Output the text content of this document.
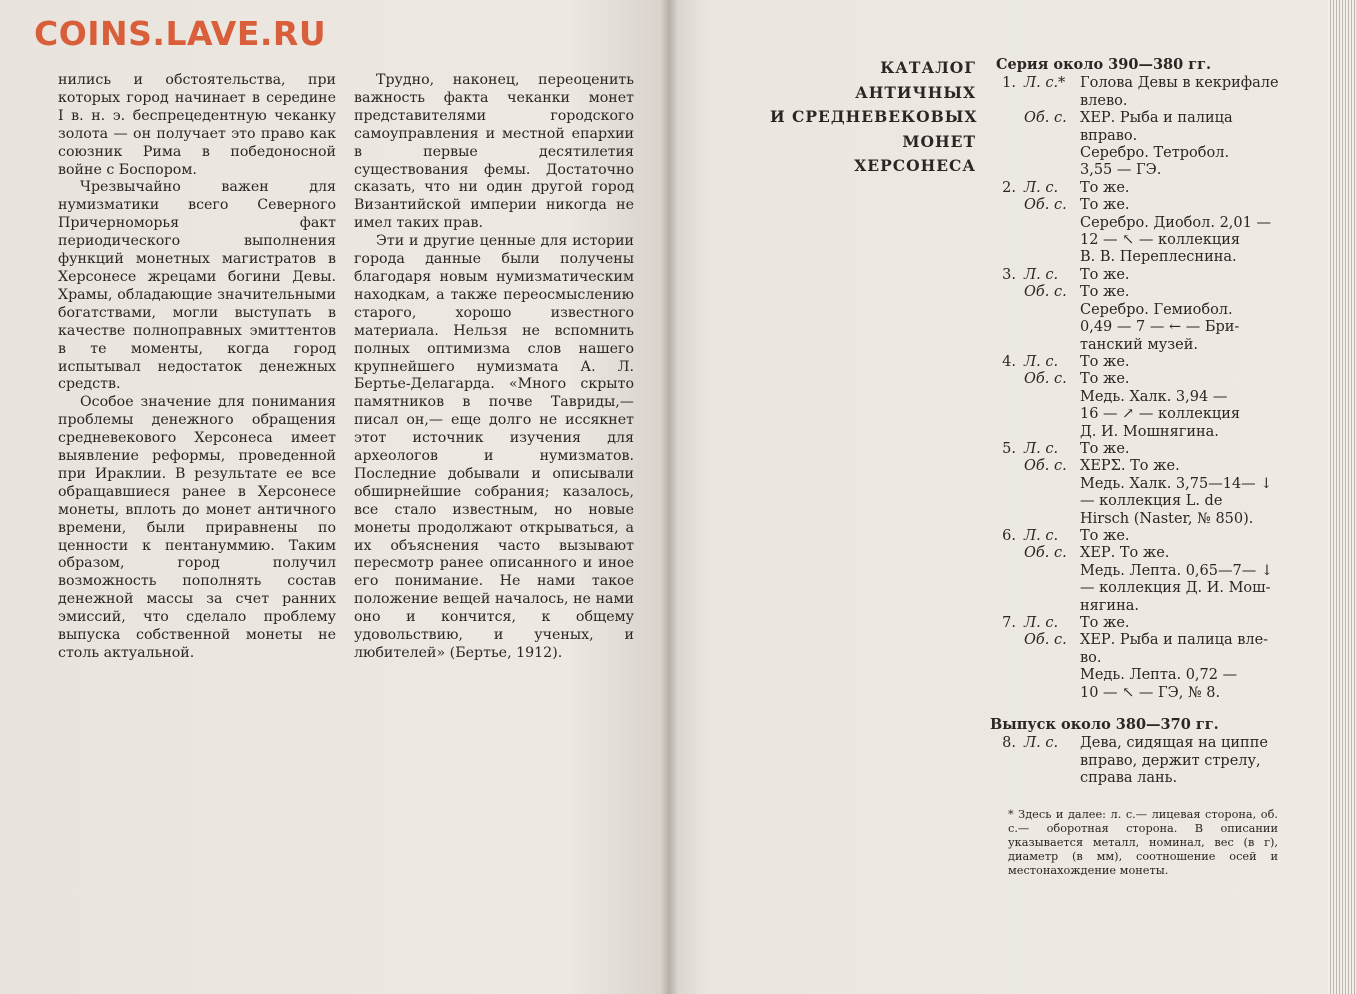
COINS.LAVE.RU

нились и обстоятельства, при которых город начинает в середине I в. н. э. беспрецедентную чеканку золота — он получает это право как союзник Рима в победоносной войне с Боспором.

Чрезвычайно важен для нумизматики всего Северного Причерноморья факт периодического выполнения функций монетных магистратов в Херсонесе жрецами богини Девы. Храмы, обладающие значительными богатствами, могли выступать в качестве полноправных эмиттентов в те моменты, когда город испытывал недостаток денежных средств.

Особое значение для понимания проблемы денежного обращения средневекового Херсонеса имеет выявление реформы, проведенной при Ираклии. В результате ее все обращавшиеся ранее в Херсонесе монеты, вплоть до монет античного времени, были приравнены по ценности к пентануммию. Таким образом, город получил возможность пополнять состав денежной массы за счет ранних эмиссий, что сделало проблему выпуска собственной монеты не столь актуальной.

Трудно, наконец, переоценить важность факта чеканки монет представителями городского самоуправления и местной епархии в первые десятилетия существования фемы. Достаточно сказать, что ни один другой город Византийской империи никогда не имел таких прав.

Эти и другие ценные для истории города данные были получены благодаря новым нумизматическим находкам, а также переосмыслению старого, хорошо известного материала. Нельзя не вспомнить полных оптимизма слов нашего крупнейшего нумизмата А. Л. Бертье-Делагарда. «Много скрыто памятников в почве Тавриды,— писал он,— еще долго не иссякнет этот источник изучения для археологов и нумизматов. Последние добывали и описывали обширнейшие собрания; казалось, все стало известным, но новые монеты продолжают открываться, а их объяснения часто вызывают пересмотр ранее описанного и иное его понимание. Не нами такое положение вещей началось, не нами оно и кончится, к общему удовольствию, и ученых, и любителей» (Бертье, 1912).

КАТАЛОГ
АНТИЧНЫХ
И СРЕДНЕВЕКОВЫХ
МОНЕТ
ХЕРСОНЕСА
Серия около 390—380 гг.
1. Л. с.*	Голова Девы в кекрифале
влево.
Об. с. ХЕР. Рыба и палица
вправо.
Серебро. Тетробол.
3,55 — ГЭ.
2. Л. с.	То же.
Об. с. То же.
Серебро. Диобол. 2,01 —
12 — ↖ — коллекция
В. В. Переплеснина.
3. Л. с.	То же.
Об. с. То же.
Серебро. Гемиобол.
0,49 — 7 — ← — Бри-
танский музей.
4. Л. с.	То же.
Об. с. То же.
Медь. Халк. 3,94 —
16 — ↗ — коллекция
Д. И. Мошнягина.
5. Л. с.	То же.
Об. с. ХЕРΣ. То же.
Медь. Халк. 3,75—14— ↓
— коллекция L. de
Hirsch (Naster, № 850).
6. Л. с.	То же.
Об. с. ХЕР. То же.
Медь. Лепта. 0,65—7— ↓
— коллекция Д. И. Мош-
нягина.
7. Л. с.	То же.
Об. с. ХЕР. Рыба и палица вле-
во.
Медь. Лепта. 0,72 —
10 — ↖ — ГЭ, № 8.
Выпуск около 380—370 гг.
8. Л. с.	Дева, сидящая на циппе
вправо, держит стрелу,
справа лань.
* Здесь и далее: л. с.— лицевая сторона, об. с.— оборотная сторона. В описании указывается металл, номинал, вес (в г), диаметр (в мм), соотношение осей и местонахождение монеты.
